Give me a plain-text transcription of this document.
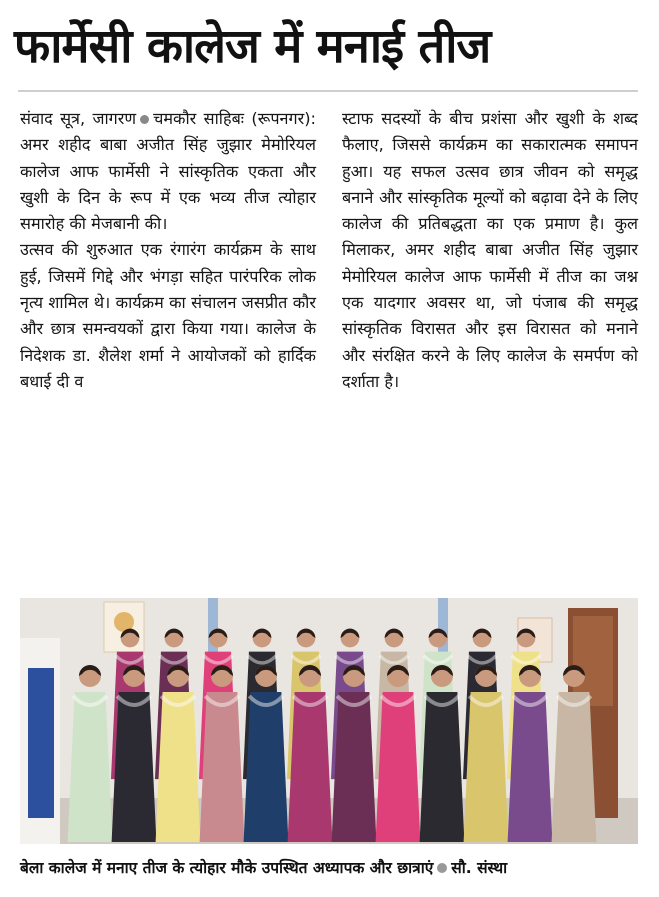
फार्मेसी कालेज में मनाई तीज

संवाद सूत्र, जागरण चमकौर साहिबः (रूपनगर): अमर शहीद बाबा अजीत सिंह जुझार मेमोरियल कालेज आफ फार्मेसी ने सांस्कृतिक एकता और खुशी के दिन के रूप में एक भव्य तीज त्योहार समारोह की मेजबानी की।

उत्सव की शुरुआत एक रंगारंग कार्यक्रम के साथ हुई, जिसमें गिद्दे और भंगड़ा सहित पारंपरिक लोक नृत्य शामिल थे। कार्यक्रम का संचालन जसप्रीत कौर और छात्र समन्वयकों द्वारा किया गया। कालेज के निदेशक डा. शैलेश शर्मा ने आयोजकों को हार्दिक बधाई दी व

स्टाफ सदस्यों के बीच प्रशंसा और खुशी के शब्द फैलाए, जिससे कार्यक्रम का सकारात्मक समापन हुआ। यह सफल उत्सव छात्र जीवन को समृद्ध बनाने और सांस्कृतिक मूल्यों को बढ़ावा देने के लिए कालेज की प्रतिबद्धता का एक प्रमाण है। कुल मिलाकर, अमर शहीद बाबा अजीत सिंह जुझार मेमोरियल कालेज आफ फार्मेसी में तीज का जश्न एक यादगार अवसर था, जो पंजाब की समृद्ध सांस्कृतिक विरासत और इस विरासत को मनाने और संरक्षित करने के लिए कालेज के समर्पण को दर्शाता है।

बेला कालेज में मनाए तीज के त्योहार मौके उपस्थित अध्यापक और छात्राएं सौ. संस्था
